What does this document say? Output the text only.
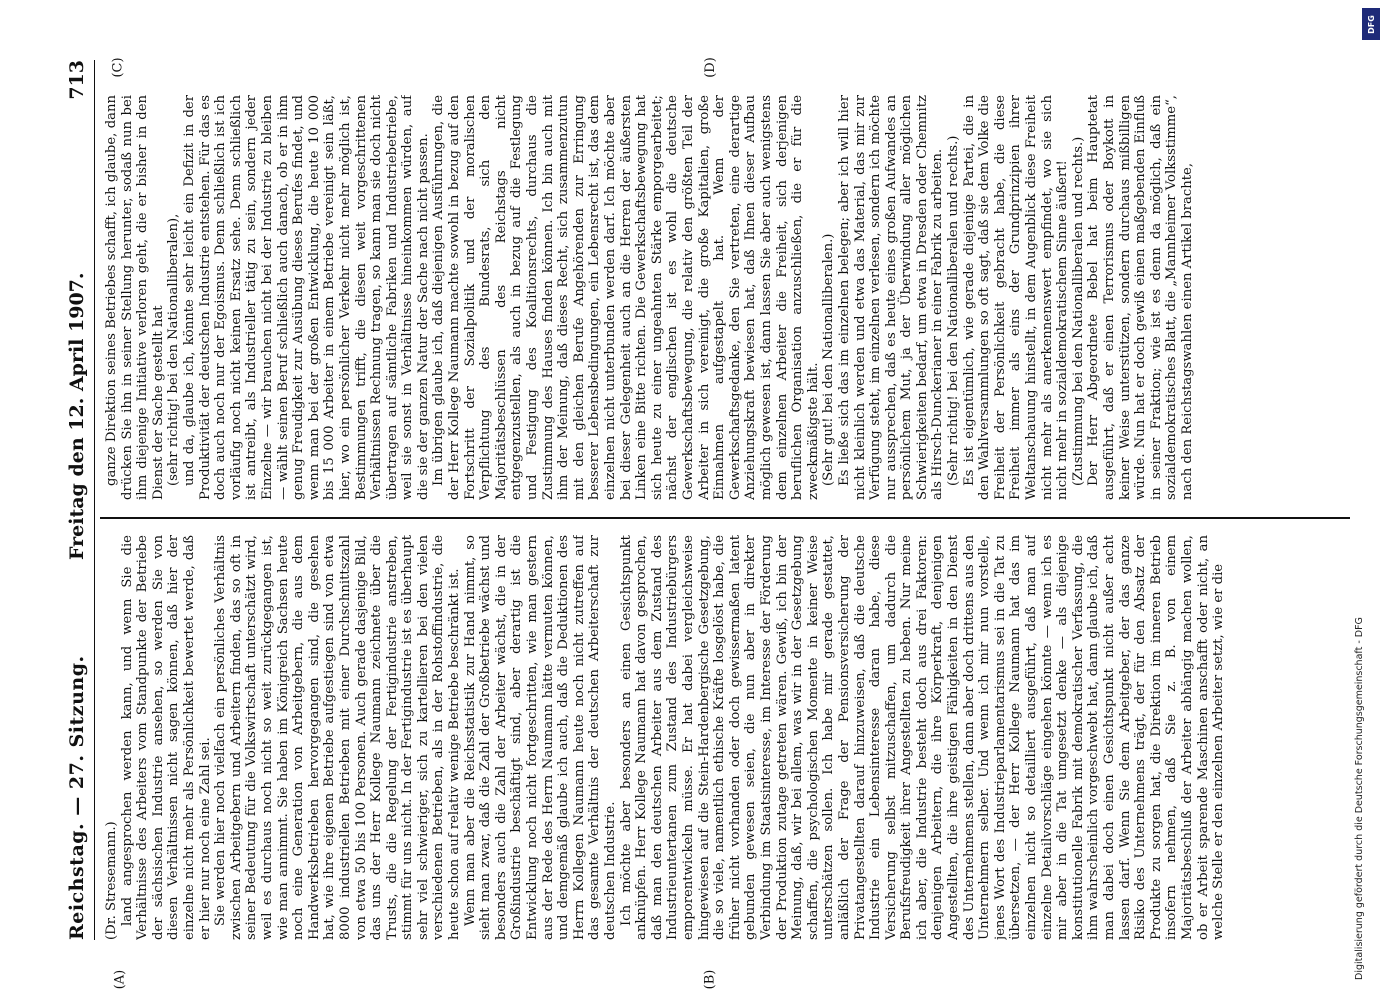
Reichstag. — 27. Sitzung.
Freitag den 12. April 1907.
713

(Dr. Stresemann.) land angesprochen werden kann, und wenn Sie die Verhältnisse des Arbeiters vom Standpunkte der Betriebe der sächsischen Industrie ansehen, so werden Sie von diesen Verhältnissen nicht sagen können, daß hier der einzelne nicht mehr als Persönlichkeit bewertet werde, daß er hier nur noch eine Zahl sei. Sie werden hier noch vielfach ein persönliches Verhältnis zwischen Arbeitgebern und Arbeitern finden, das so oft in seiner Bedeutung für die Volkswirtschaft unterschätzt wird, weil es durchaus noch nicht so weit zurückgegangen ist, wie man annimmt. Sie haben im Königreich Sachsen heute noch eine Generation von Arbeitgebern, die aus dem Handwerksbetrieben hervorgegangen sind, die gesehen hat, wie ihre eigenen Betriebe aufgestiegen sind von etwa 8000 industriellen Betrieben mit einer Durchschnittszahl von etwa 50 bis 100 Personen. Auch gerade dasjenige Bild, das uns der Herr Kollege Naumann zeichnete über die Trusts, die die Regelung der Fertigindustrie anstreben, stimmt für uns nicht. In der Fertigindustrie ist es überhaupt sehr viel schwieriger, sich zu kartellieren bei den vielen verschiedenen Betrieben, als in der Rohstoffindustrie, die heute schon auf relativ wenige Betriebe beschränkt ist. Wenn man aber die Reichsstatistik zur Hand nimmt, so sieht man zwar, daß die Zahl der Großbetriebe wächst und besonders auch die Zahl der Arbeiter wächst, die in der Großindustrie beschäftigt sind, aber derartig ist die Entwicklung noch nicht fortgeschritten, wie man gestern aus der Rede des Herrn Naumann hätte vermuten können, und demgemäß glaube ich auch, daß die Deduktionen des Herrn Kollegen Naumann heute noch nicht zutreffen auf das gesamte Verhältnis der deutschen Arbeiterschaft zur deutschen Industrie. Ich möchte aber besonders an einen Gesichtspunkt anknüpfen. Herr Kollege Naumann hat davon gesprochen, daß man den deutschen Arbeiter aus dem Zustand des Industrieuntertanen zum Zustand des Industriebürgers emporentwickeln müsse. Er hat dabei vergleichsweise hingewiesen auf die Stein-Hardenbergische Gesetzgebung, die so viele, namentlich ethische Kräfte losgelöst habe, die früher nicht vorhanden oder doch gewissermaßen latent gebunden gewesen seien, die nun aber in direkter Verbindung im Staatsinteresse, im Interesse der Förderung der Produktion zutage getreten wären. Gewiß, ich bin der Meinung, daß, wir bei allem, was wir in der Gesetzgebung schaffen, die psychologischen Momente in keiner Weise unterschätzen sollen. Ich habe mir gerade gestattet, anläßlich der Frage der Pensionsversicherung der Privatangestellten darauf hinzuweisen, daß die deutsche Industrie ein Lebensinteresse daran habe, diese Versicherung selbst mitzuschaffen, um dadurch die Berufsfreudigkeit ihrer Angestellten zu heben. Nur meine ich aber, die Industrie besteht doch aus drei Faktoren: denjenigen Arbeitern, die ihre Körperkraft, denjenigen Angestellten, die ihre geistigen Fähigkeiten in den Dienst des Unternehmens stellen, dann aber doch drittens aus den Unternehmern selber. Und wenn ich mir nun vorstelle, jenes Wort des Industrieparlamentarismus sei in die Tat zu übersetzen, — der Herr Kollege Naumann hat das im einzelnen nicht so detailliert ausgeführt, daß man auf einzelne Detailvorschläge eingehen könnte — wenn ich es mir aber in die Tat umgesetzt denke — als diejenige konstitutionelle Fabrik mit demokratischer Verfassung, die ihm wahrscheinlich vorgeschwebt hat, dann glaube ich, daß man dabei doch einen Gesichtspunkt nicht außer acht lassen darf. Wenn Sie dem Arbeitgeber, der das ganze Risiko des Unternehmens trägt, der für den Absatz der Produkte zu sorgen hat, die Direktion im inneren Betrieb insofern nehmen, daß Sie z. B. von einem Majoritätsbeschluß der Arbeiter abhängig machen wollen, ob er Arbeit sparende Maschinen anschafft oder nicht, an welche Stelle er den einzelnen Arbeiter setzt, wie er die

ganze Direktion seines Betriebes schafft, ich glaube, dann drücken Sie ihn in seiner Stellung herunter, sodaß nun bei ihm diejenige Initiative verloren geht, die er bisher in den Dienst der Sache gestellt hat (sehr richtig! bei den Nationalliberalen), und da, glaube ich, könnte sehr leicht ein Defizit in der Produktivität der deutschen Industrie entstehen. Für das es doch auch noch nur der Egoismus. Denn schließlich ist ich vorläufig noch nicht keinen Ersatz sehe. Denn schließlich ist antreibt, als Industrieller tätig zu sein, sondern jeder Einzelne — wir brauchen nicht bei der Industrie zu bleiben — wählt seinen Beruf schließlich auch danach, ob er in ihm genug Freudigkeit zur Ausübung dieses Berufes findet, und wenn man bei der großen Entwicklung, die heute 10 000 bis 15 000 Arbeiter in einem Betriebe vereinigt sein läßt, hier, wo ein persönlicher Verkehr nicht mehr möglich ist, Bestimmungen trifft, die diesen weit vorgeschrittenen Verhältnissen Rechnung tragen, so kann man sie doch nicht übertragen auf sämtliche Fabriken und Industriebetriebe, weil sie sonst in Verhältnisse hineinkommen würden, auf die sie der ganzen Natur der Sache nach nicht passen. Im übrigen glaube ich, daß diejenigen Ausführungen, die der Herr Kollege Naumann machte sowohl in bezug auf den Fortschritt der Sozialpolitik und der moralischen Verpflichtung des Bundesrats, sich den Majoritätsbeschlüssen des Reichstags nicht entgegenzustellen, als auch in bezug auf die Festlegung und Festigung des Koalitionsrechts, durchaus die Zustimmung des Hauses finden können. Ich bin auch mit ihm der Meinung, daß dieses Recht, sich zusammenzutun mit den gleichen Berufe Angehörenden zur Erringung besserer Lebensbedingungen, ein Lebensrecht ist, das dem einzelnen nicht unterbunden werden darf. Ich möchte aber bei dieser Gelegenheit auch an die Herren der äußersten Linken eine Bitte richten. Die Gewerkschaftsbewegung hat sich heute zu einer ungeahnten Stärke emporgearbeitet; nächst der englischen ist es wohl die deutsche Gewerkschaftsbewegung, die relativ den größten Teil der Arbeiter in sich vereinigt, die große Kapitalien, große Einnahmen aufgestapelt hat. Wenn der Gewerkschaftsgedanke, den Sie vertreten, eine derartige Anziehungskraft bewiesen hat, daß Ihnen dieser Aufbau möglich gewesen ist, dann lassen Sie aber auch wenigstens dem einzelnen Arbeiter die Freiheit, sich derjenigen beruflichen Organisation anzuschließen, die er für die zweckmäßigste hält. (Sehr gut! bei den Nationalliberalen.) Es ließe sich das im einzelnen belegen; aber ich will hier nicht kleinlich werden und etwa das Material, das mir zur Verfügung steht, im einzelnen verlesen, sondern ich möchte nur aussprechen, daß es heute eines großen Aufwandes an persönlichem Mut, ja der Überwindung aller möglichen Schwierigkeiten bedarf, um etwa in Dresden oder Chemnitz als Hirsch-Dunckerianer in einer Fabrik zu arbeiten. (Sehr richtig! bei den Nationalliberalen und rechts.) Es ist eigentümlich, wie gerade diejenige Partei, die in den Wahlversammlungen so oft sagt, daß sie dem Volke die Freiheit der Persönlichkeit gebracht habe, die diese Freiheit immer als eins der Grundprinzipien ihrer Weltanschauung hinstellt, in dem Augenblick diese Freiheit nicht mehr als anerkennenswert empfindet, wo sie sich nicht mehr in sozialdemokratischem Sinne äußert! (Zustimmung bei den Nationalliberalen und rechts.) Der Herr Abgeordnete Bebel hat beim Hauptetat ausgeführt, daß er einen Terrorismus oder Boykott in keiner Weise unterstützen, sondern durchaus mißbilligen würde. Nun hat er doch gewiß einen maßgebenden Einfluß in seiner Fraktion; wie ist es denn da möglich, daß ein sozialdemokratisches Blatt, die „Mannheimer Volksstimme“, nach den Reichstagswahlen einen Artikel brachte,

(A)	(B)
(C)	(D)
DFG
Digitalisierung gefördert durch die Deutsche Forschungsgemeinschaft - DFG
